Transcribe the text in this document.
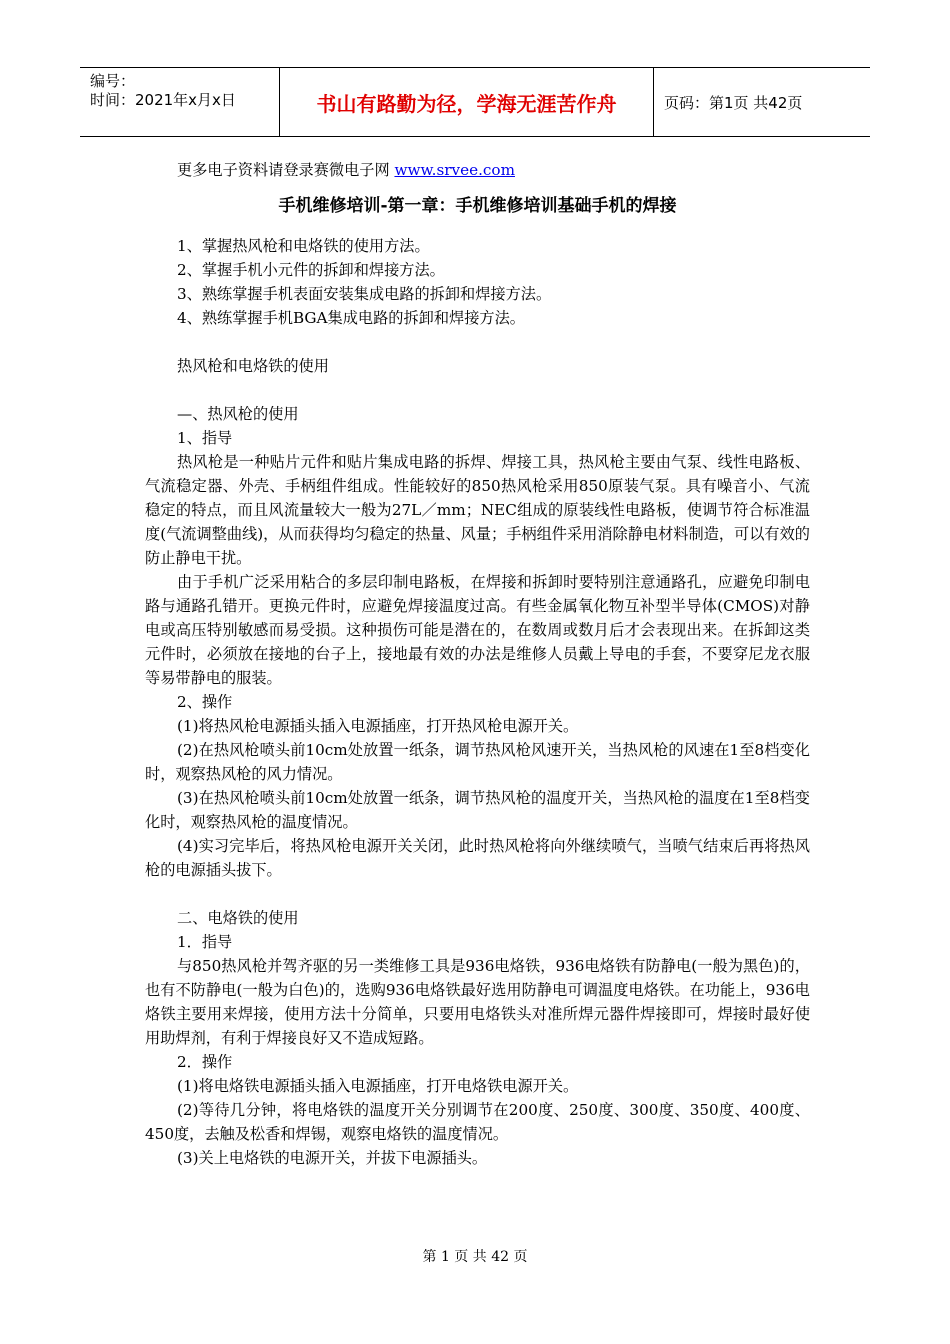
编号：
时间：2021年x月x日	书山有路勤为径，学海无涯苦作舟	页码：第1页 共42页

更多电子资料请登录赛微电子网 www.srvee.com

手机维修培训-第一章：手机维修培训基础手机的焊接

1、掌握热风枪和电烙铁的使用方法。

2、掌握手机小元件的拆卸和焊接方法。

3、熟练掌握手机表面安装集成电路的拆卸和焊接方法。

4、熟练掌握手机BGA集成电路的拆卸和焊接方法。

热风枪和电烙铁的使用

—、热风枪的使用

1、指导

热风枪是一种贴片元件和贴片集成电路的拆焊、焊接工具，热风枪主要由气泵、线性电路板、气流稳定器、外壳、手柄组件组成。性能较好的850热风枪采用850原装气泵。具有噪音小、气流稳定的特点，而且风流量较大一般为27L／mm；NEC组成的原装线性电路板，使调节符合标准温度(气流调整曲线)，从而获得均匀稳定的热量、风量；手柄组件采用消除静电材料制造，可以有效的防止静电干扰。

由于手机广泛采用粘合的多层印制电路板，在焊接和拆卸时要特别注意通路孔，应避免印制电路与通路孔错开。更换元件时，应避免焊接温度过高。有些金属氧化物互补型半导体(CMOS)对静电或高压特别敏感而易受损。这种损伤可能是潜在的，在数周或数月后才会表现出来。在拆卸这类元件时，必须放在接地的台子上，接地最有效的办法是维修人员戴上导电的手套，不要穿尼龙衣服等易带静电的服装。

2、操作

(1)将热风枪电源插头插入电源插座，打开热风枪电源开关。

(2)在热风枪喷头前10cm处放置一纸条，调节热风枪风速开关，当热风枪的风速在1至8档变化时，观察热风枪的风力情况。

(3)在热风枪喷头前10cm处放置一纸条，调节热风枪的温度开关，当热风枪的温度在1至8档变化时，观察热风枪的温度情况。

(4)实习完毕后，将热风枪电源开关关闭，此时热风枪将向外继续喷气，当喷气结束后再将热风枪的电源插头拔下。

二、电烙铁的使用

1．指导

与850热风枪并驾齐驱的另一类维修工具是936电烙铁，936电烙铁有防静电(一般为黑色)的，也有不防静电(一般为白色)的，选购936电烙铁最好选用防静电可调温度电烙铁。在功能上，936电烙铁主要用来焊接，使用方法十分简单，只要用电烙铁头对准所焊元器件焊接即可，焊接时最好使用助焊剂，有利于焊接良好又不造成短路。

2．操作

(1)将电烙铁电源插头插入电源插座，打开电烙铁电源开关。

(2)等待几分钟，将电烙铁的温度开关分别调节在200度、250度、300度、350度、400度、450度，去触及松香和焊锡，观察电烙铁的温度情况。

(3)关上电烙铁的电源开关，并拔下电源插头。

第 1 页 共 42 页
